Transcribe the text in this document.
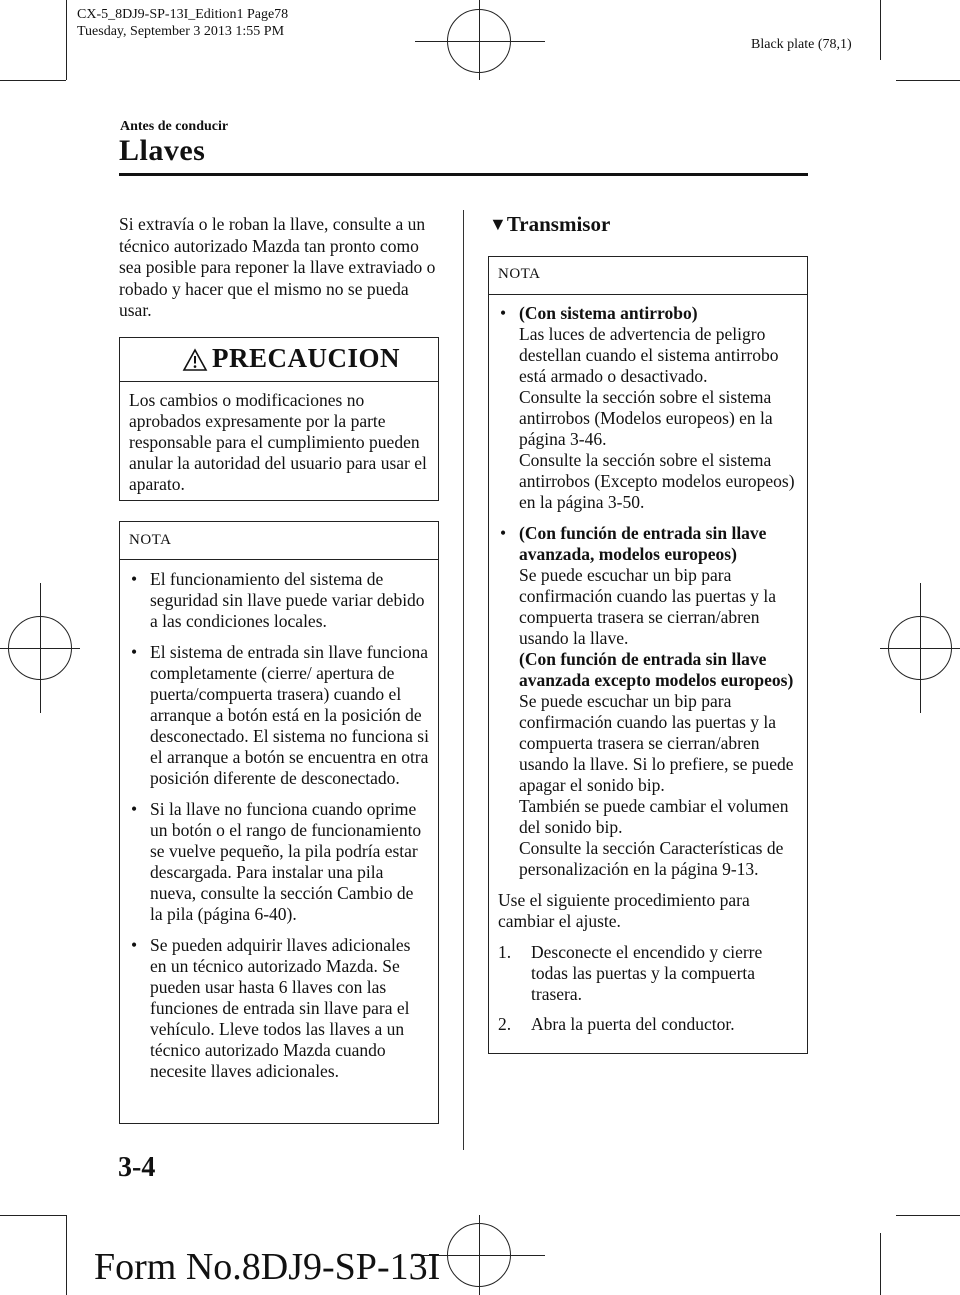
CX-5_8DJ9-SP-13I_Edition1 Page78
Tuesday, September 3 2013 1:55 PM
Black plate (78,1)
Antes de conducir
Llaves
Si extravía o le roban la llave, consulte a un técnico autorizado Mazda tan pronto como sea posible para reponer la llave extraviado o robado y hacer que el mismo no se pueda usar.
PRECAUCION
Los cambios o modificaciones no aprobados expresamente por la parte responsable para el cumplimiento pueden anular la autoridad del usuario para usar el aparato.
NOTA
• El funcionamiento del sistema de seguridad sin llave puede variar debido a las condiciones locales.
• El sistema de entrada sin llave funciona completamente (cierre/ apertura de puerta/compuerta trasera) cuando el arranque a botón está en la posición de desconectado. El sistema no funciona si el arranque a botón se encuentra en otra posición diferente de desconectado.
• Si la llave no funciona cuando oprime un botón o el rango de funcionamiento se vuelve pequeño, la pila podría estar descargada. Para instalar una pila nueva, consulte la sección Cambio de la pila (página 6-40).
• Se pueden adquirir llaves adicionales en un técnico autorizado Mazda. Se pueden usar hasta 6 llaves con las funciones de entrada sin llave para el vehículo. Lleve todos las llaves a un técnico autorizado Mazda cuando necesite llaves adicionales.
▼Transmisor
NOTA
• (Con sistema antirrobo)
Las luces de advertencia de peligro destellan cuando el sistema antirrobo está armado o desactivado.
Consulte la sección sobre el sistema antirrobos (Modelos europeos) en la página 3-46.
Consulte la sección sobre el sistema antirrobos (Excepto modelos europeos) en la página 3-50.
• (Con función de entrada sin llave avanzada, modelos europeos)
Se puede escuchar un bip para confirmación cuando las puertas y la compuerta trasera se cierran/abren usando la llave.
(Con función de entrada sin llave avanzada excepto modelos europeos)
Se puede escuchar un bip para confirmación cuando las puertas y la compuerta trasera se cierran/abren usando la llave. Si lo prefiere, se puede apagar el sonido bip.
También se puede cambiar el volumen del sonido bip.
Consulte la sección Características de personalización en la página 9-13.
Use el siguiente procedimiento para cambiar el ajuste.
1.	Desconecte el encendido y cierre todas las puertas y la compuerta trasera.
2.	Abra la puerta del conductor.
3-4
Form No.8DJ9-SP-13I
